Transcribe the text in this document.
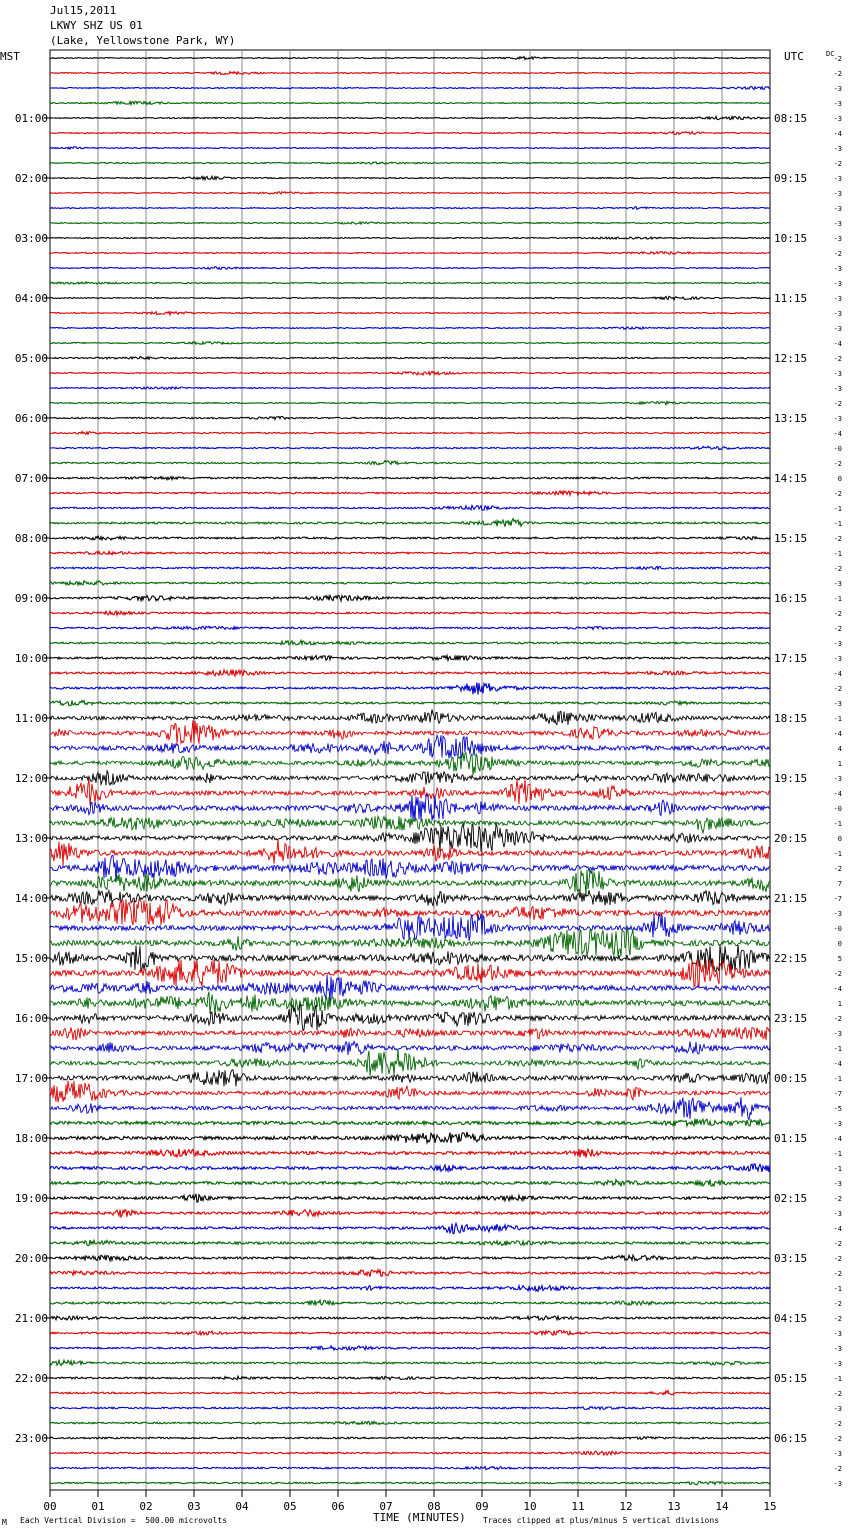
Jul15,2011
LKWY SHZ US 01
(Lake, Yellowstone Park, WY)
MST	UTC
00	01	02	03	04	05	06	07	08	09	10	11	12	13	14	15
-2
-2
-3
-3
-3
-4
-3
-2
-3
-3
-3
-3
-3
-2
-3
-3
-3
-3
-3
-4
-2
-3
-3
-2
-3
-4
-0
-2
0
-2
-1
-1
-2
-1
-2
-3
-1
-2
-2
-3
-3
-4
-2
-3
-1
-4
4
1
-3
-4
-0
-1
0
-1
-2
7
-7
-3
-0
0
5
-2
-4
1
-2
-3
-1
-4
-1
-7
-5
-3
-4
-1
-1
-3
-2
-3
-4
-2
-2
-2
-1
-2
-2
-3
-3
-3
-1
-2
-3
-2
-2
-3
-2
-3
DC
01:00
02:00
03:00
04:00
05:00
06:00
07:00
08:00
09:00
10:00
11:00
12:00
13:00
14:00
15:00
16:00
17:00
18:00
19:00
20:00
21:00
22:00
23:00
08:15
09:15
10:15
11:15
12:15
13:15
14:15
15:15
16:15
17:15
18:15
19:15
20:15
21:15
22:15
23:15
00:15
01:15
02:15
03:15
04:15
05:15
06:15
TIME (MINUTES)
M Each Vertical Division =  500.00 microvolts	Traces clipped at plus/minus 5 vertical divisions
